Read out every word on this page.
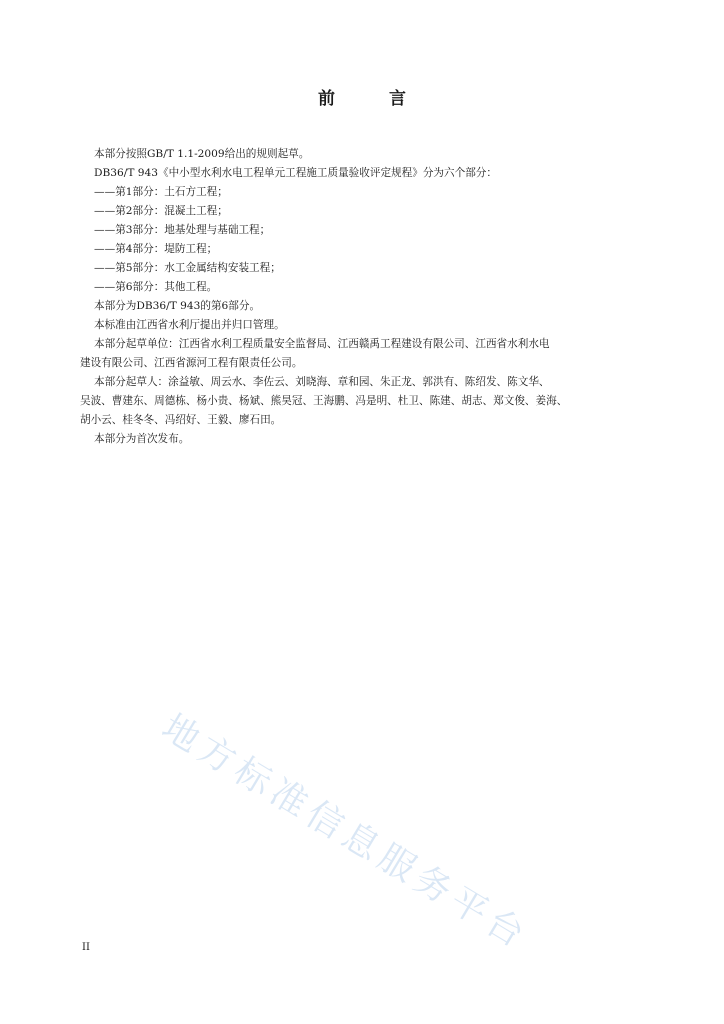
前 言

本部分按照GB/T 1.1-2009给出的规则起草。

DB36/T 943《中小型水利水电工程单元工程施工质量验收评定规程》分为六个部分：

——第1部分：土石方工程；

——第2部分：混凝土工程；

——第3部分：地基处理与基础工程；

——第4部分：堤防工程；

——第5部分：水工金属结构安装工程；

——第6部分：其他工程。

本部分为DB36/T 943的第6部分。

本标准由江西省水利厅提出并归口管理。

本部分起草单位：江西省水利工程质量安全监督局、江西赣禹工程建设有限公司、江西省水利水电

建设有限公司、江西省源河工程有限责任公司。

本部分起草人：涂益敏、周云水、李佐云、刘晓海、章和园、朱正龙、郭洪有、陈绍发、陈文华、

吴波、曹建东、周德栋、杨小贵、杨斌、熊昊冠、王海鹏、冯是明、杜卫、陈建、胡志、郑文俊、姜海、

胡小云、桂冬冬、冯绍好、王毅、廖石田。

本部分为首次发布。

地方标准信息服务平台
II
